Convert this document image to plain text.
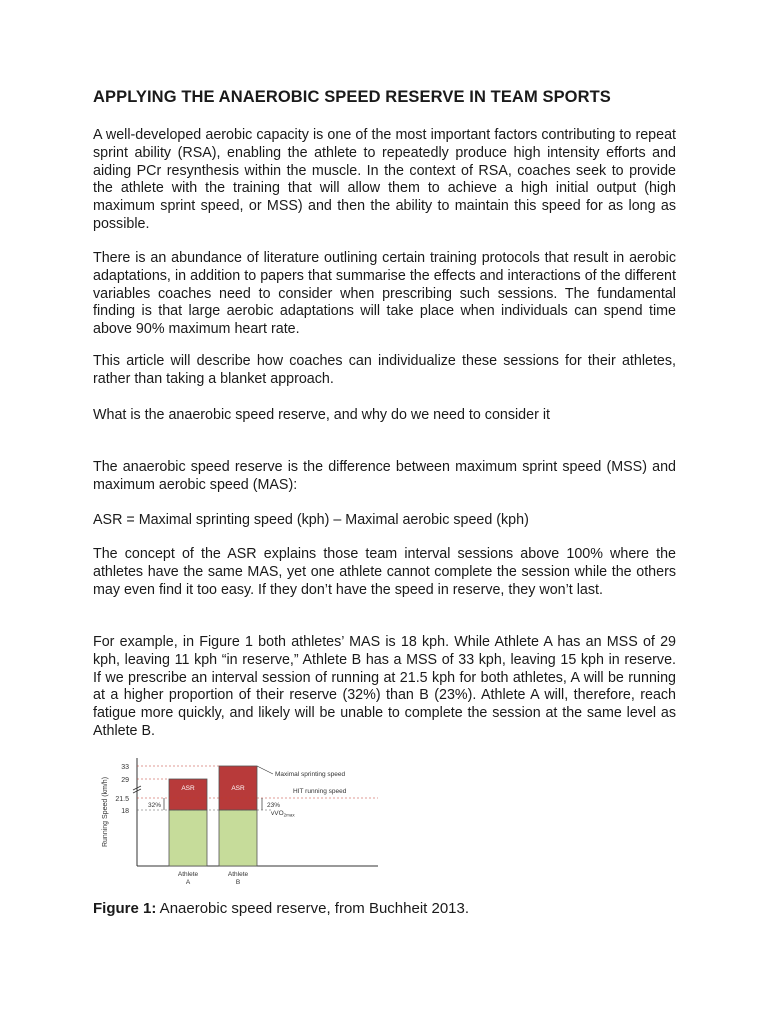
APPLYING THE ANAEROBIC SPEED RESERVE IN TEAM SPORTS

A well-developed aerobic capacity is one of the most important factors contributing to repeat sprint ability (RSA), enabling the athlete to repeatedly produce high intensity efforts and aiding PCr resynthesis within the muscle. In the context of RSA, coaches seek to provide the athlete with the training that will allow them to achieve a high initial output (high maximum sprint speed, or MSS) and then the ability to maintain this speed for as long as possible.

There is an abundance of literature outlining certain training protocols that result in aerobic adaptations, in addition to papers that summarise the effects and interactions of the different variables coaches need to consider when prescribing such sessions. The fundamental finding is that large aerobic adaptations will take place when individuals can spend time above 90% maximum heart rate.

This article will describe how coaches can individualize these sessions for their athletes, rather than taking a blanket approach.

What is the anaerobic speed reserve, and why do we need to consider it

The anaerobic speed reserve is the difference between maximum sprint speed (MSS) and maximum aerobic speed (MAS):

ASR = Maximal sprinting speed (kph) – Maximal aerobic speed (kph)

The concept of the ASR explains those team interval sessions above 100% where the athletes have the same MAS, yet one athlete cannot complete the session while the others may even find it too easy. If they don’t have the speed in reserve, they won’t last.

For example, in Figure 1 both athletes’ MAS is 18 kph. While Athlete A has an MSS of 29 kph, leaving 11 kph “in reserve,” Athlete B has a MSS of 33 kph, leaving 15 kph in reserve. If we prescribe an interval session of running at 21.5 kph for both athletes, A will be running at a higher proportion of their reserve (32%) than B (23%). Athlete A will, therefore, reach fatigue more quickly, and likely will be unable to complete the session at the same level as Athlete B.

Running Speed (km/h)
33
29
21.5
18
ASR	ASR
32%	23%
Maximal sprinting speed
HIT running speed
vVO$_{2max}$
Athlete
A
Athlete
B
Figure 1: Anaerobic speed reserve, from Buchheit 2013.
